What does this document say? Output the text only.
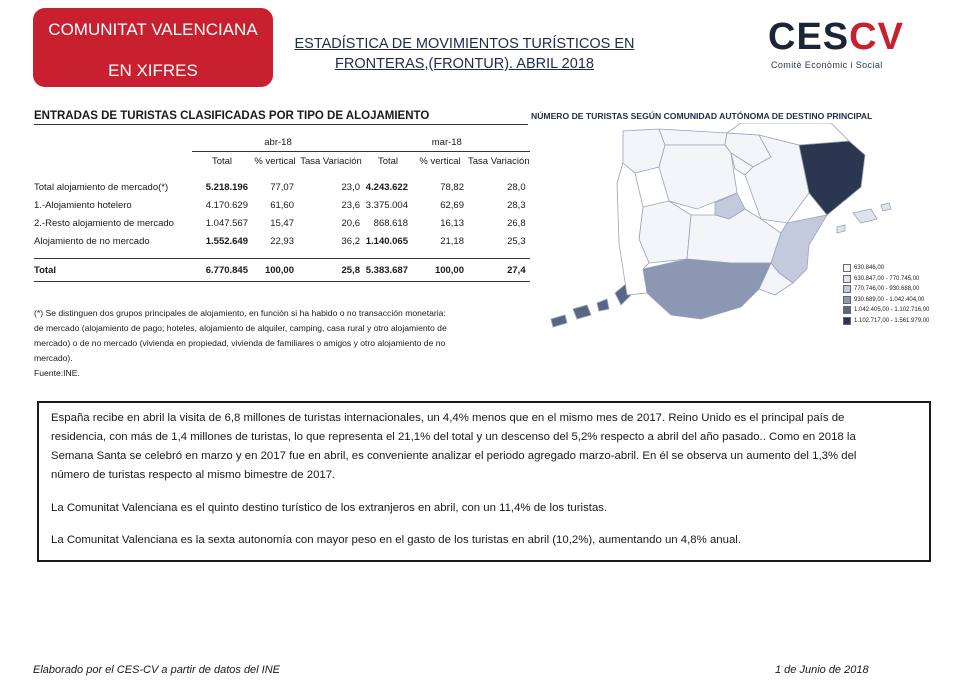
COMUNITAT VALENCIANA
EN XIFRES
ESTADÍSTICA DE MOVIMIENTOS TURÍSTICOS EN
FRONTERAS,(FRONTUR). ABRIL 2018
CESCV
Comitè Econòmic i Social
ENTRADAS DE TURISTAS CLASIFICADAS POR TIPO DE ALOJAMIENTO
	abr-18			mar-18		
	Total	% vertical	Tasa Variación	Total	% vertical	Tasa Variación

Total alojamiento de mercado(*)	5.218.196	77,07	23,0	4.243.622	78,82	28,0
1.-Alojamiento hotelero	4.170.629	61,60	23,6	3.375.004	62,69	28,3
2.-Resto alojamiento de mercado	1.047.567	15,47	20,6	868.618	16,13	26,8
Alojamiento de no mercado	1.552.649	22,93	36,2	1.140.065	21,18	25,3

Total	6.770.845	100,00	25,8	5.383.687	100,00	27,4
(*) Se distinguen dos grupos principales de alojamiento, en función si ha habido o no transacción monetaria:
de mercado (alojamiento de pago; hoteles, alojamiento de alquiler, camping, casa rural y otro alojamiento de
mercado) o de no mercado (vivienda en propiedad, vivienda de familiares o amigos y otro alojamiento de no
mercado).
Fuente:INE.
NÚMERO DE TURISTAS SEGÚN COMUNIDAD AUTÓNOMA DE DESTINO PRINCIPAL
630.846,00
630.847,00 - 770.745,00
770.746,00 - 930.688,00
930.689,00 - 1.042.404,00
1.042.405,00 - 1.102.716,00
1.102.717,00 - 1.561.979,00

España recibe en abril la visita de 6,8 millones de turistas internacionales, un 4,4% menos que en el mismo mes de 2017. Reino Unido es el principal país de
residencia, con más de 1,4 millones de turistas, lo que representa el 21,1% del total y un descenso del 5,2% respecto a abril del año pasado.. Como en 2018 la
Semana Santa se celebró en marzo y en 2017 fue en abril, es conveniente analizar el periodo agregado marzo-abril. En él se observa un aumento del 1,3% del
número de turistas respecto al mismo bimestre de 2017.

La Comunitat Valenciana es el quinto destino turístico de los extranjeros en abril, con un 11,4% de los turistas.

La Comunitat Valenciana es la sexta autonomía con mayor peso en el gasto de los turistas en abril (10,2%), aumentando un 4,8% anual.

Elaborado por el CES-CV a partir de datos del INE	1 de Junio de 2018
